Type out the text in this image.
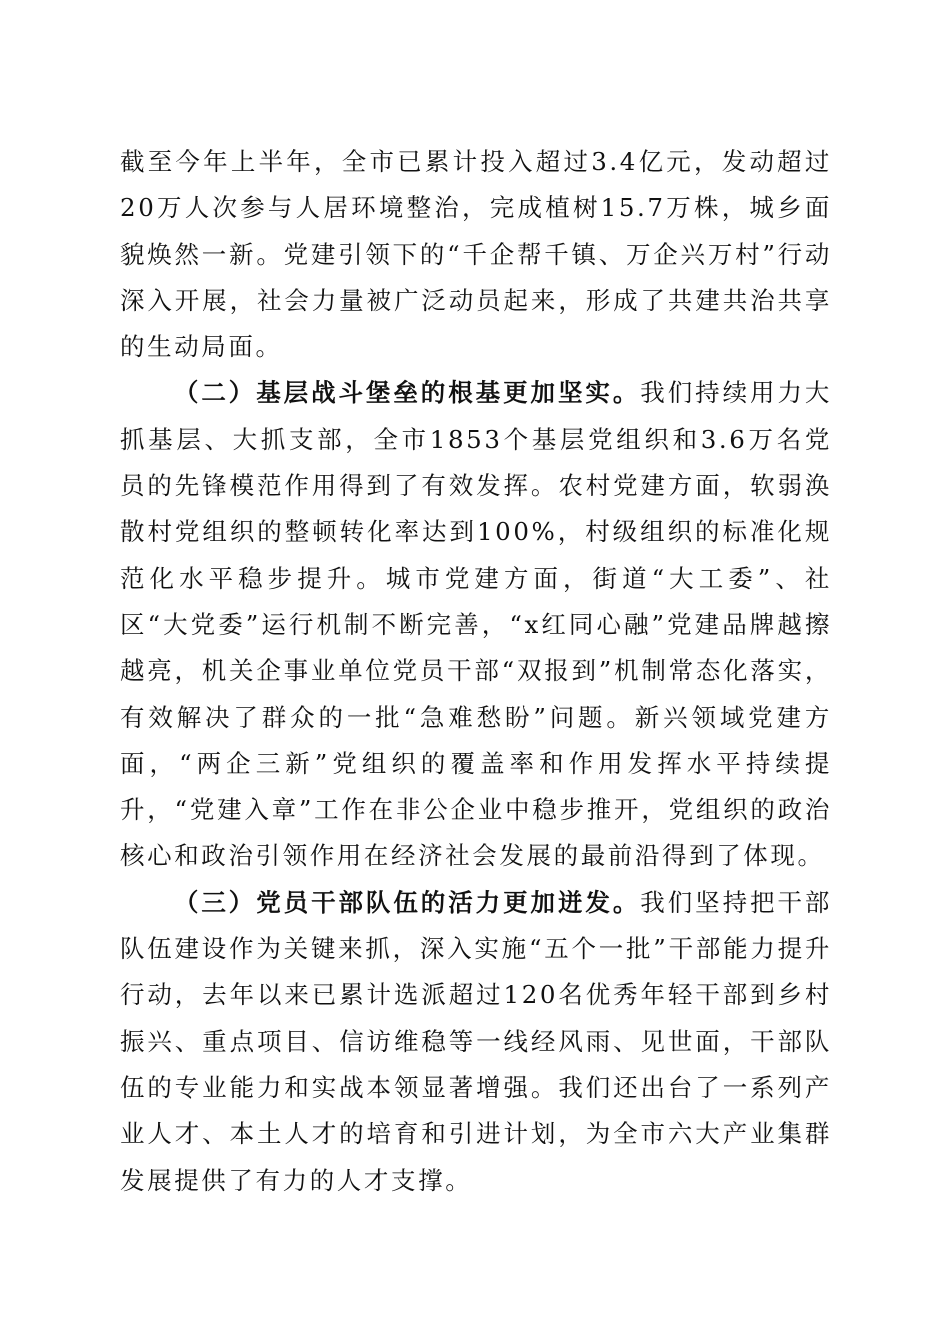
截至今年上半年，全市已累计投入超过3.4亿元，发动超过20万人次参与人居环境整治，完成植树15.7万株，城乡面貌焕然一新。党建引领下的“千企帮千镇、万企兴万村”行动深入开展，社会力量被广泛动员起来，形成了共建共治共享的生动局面。

（二）基层战斗堡垒的根基更加坚实。我们持续用力大抓基层、大抓支部，全市1853个基层党组织和3.6万名党员的先锋模范作用得到了有效发挥。农村党建方面，软弱涣散村党组织的整顿转化率达到100%，村级组织的标准化规范化水平稳步提升。城市党建方面，街道“大工委”、社区“大党委”运行机制不断完善，“x红同心融”党建品牌越擦越亮，机关企事业单位党员干部“双报到”机制常态化落实，有效解决了群众的一批“急难愁盼”问题。新兴领域党建方面，“两企三新”党组织的覆盖率和作用发挥水平持续提升，“党建入章”工作在非公企业中稳步推开，党组织的政治核心和政治引领作用在经济社会发展的最前沿得到了体现。

（三）党员干部队伍的活力更加迸发。我们坚持把干部队伍建设作为关键来抓，深入实施“五个一批”干部能力提升行动，去年以来已累计选派超过120名优秀年轻干部到乡村振兴、重点项目、信访维稳等一线经风雨、见世面，干部队伍的专业能力和实战本领显著增强。我们还出台了一系列产业人才、本土人才的培育和引进计划，为全市六大产业集群发展提供了有力的人才支撑。
